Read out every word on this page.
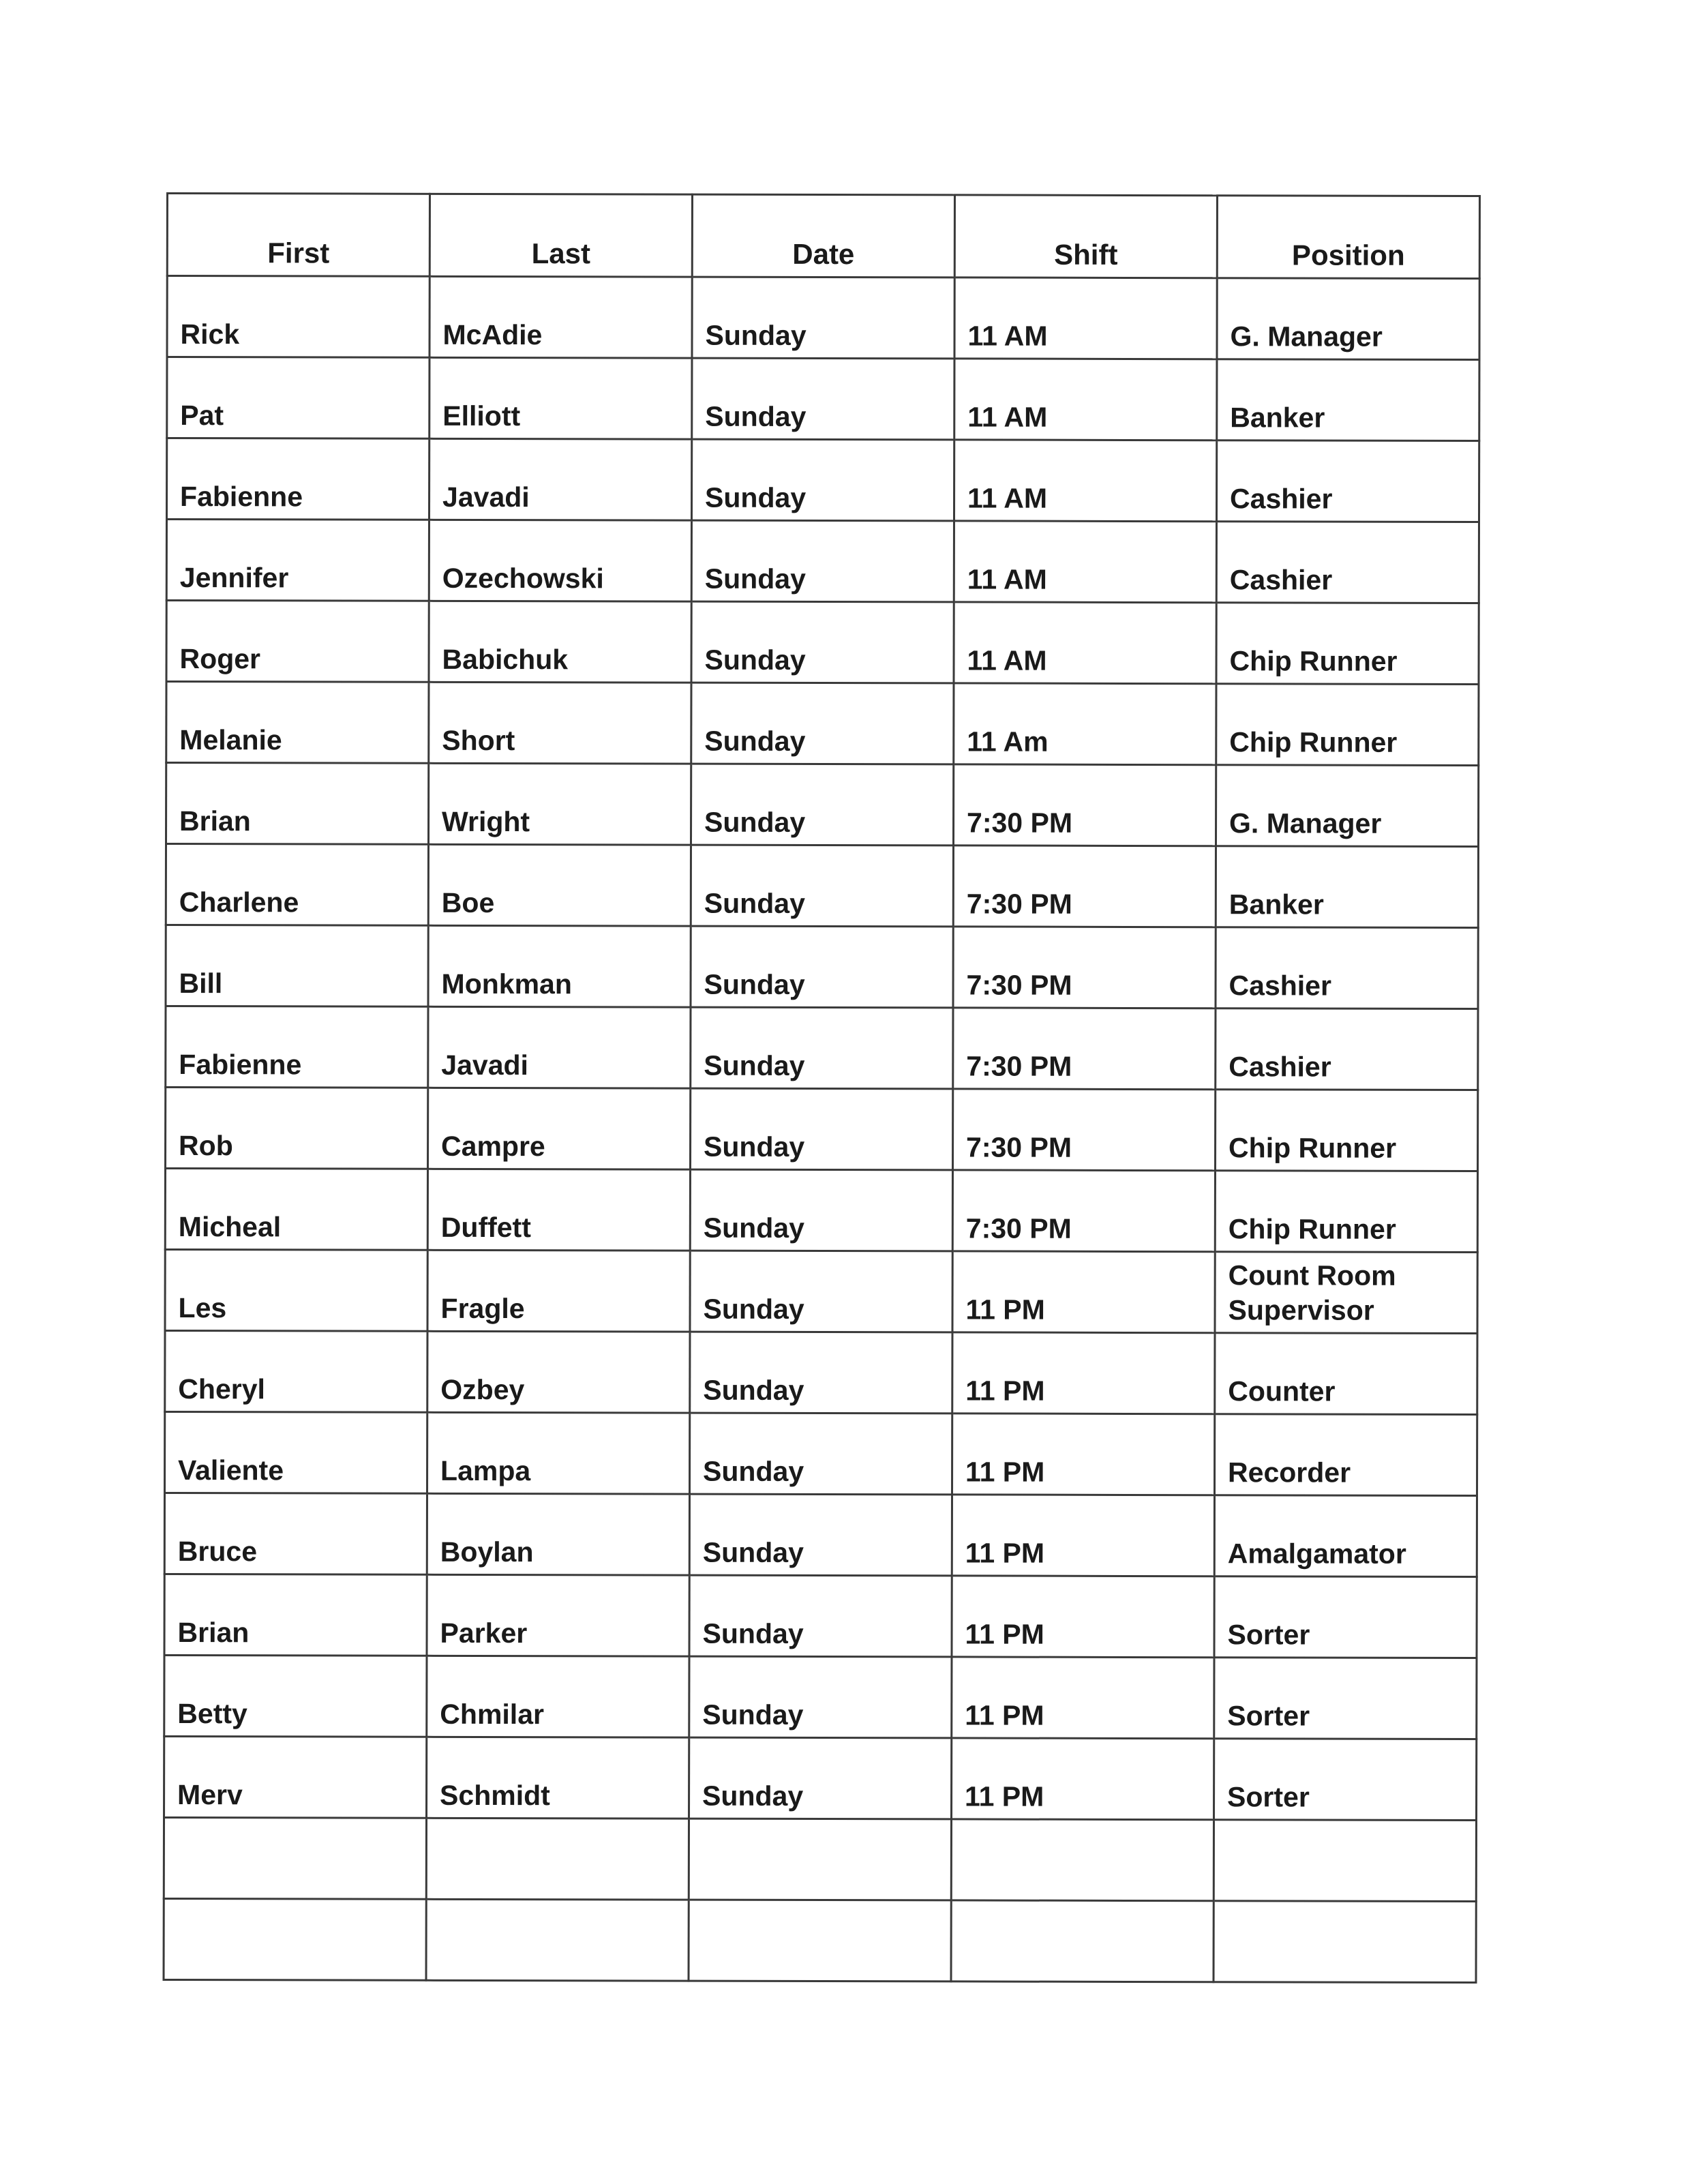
First	Last	Date	Shift	Position
Rick	McAdie	Sunday	11 AM	G. Manager
Pat	Elliott	Sunday	11 AM	Banker
Fabienne	Javadi	Sunday	11 AM	Cashier
Jennifer	Ozechowski	Sunday	11 AM	Cashier
Roger	Babichuk	Sunday	11 AM	Chip Runner
Melanie	Short	Sunday	11 Am	Chip Runner
Brian	Wright	Sunday	7:30 PM	G. Manager
Charlene	Boe	Sunday	7:30 PM	Banker
Bill	Monkman	Sunday	7:30 PM	Cashier
Fabienne	Javadi	Sunday	7:30 PM	Cashier
Rob	Campre	Sunday	7:30 PM	Chip Runner
Micheal	Duffett	Sunday	7:30 PM	Chip Runner
Les	Fragle	Sunday	11 PM	Count Room
Supervisor
Cheryl	Ozbey	Sunday	11 PM	Counter
Valiente	Lampa	Sunday	11 PM	Recorder
Bruce	Boylan	Sunday	11 PM	Amalgamator
Brian	Parker	Sunday	11 PM	Sorter
Betty	Chmilar	Sunday	11 PM	Sorter
Merv	Schmidt	Sunday	11 PM	Sorter
